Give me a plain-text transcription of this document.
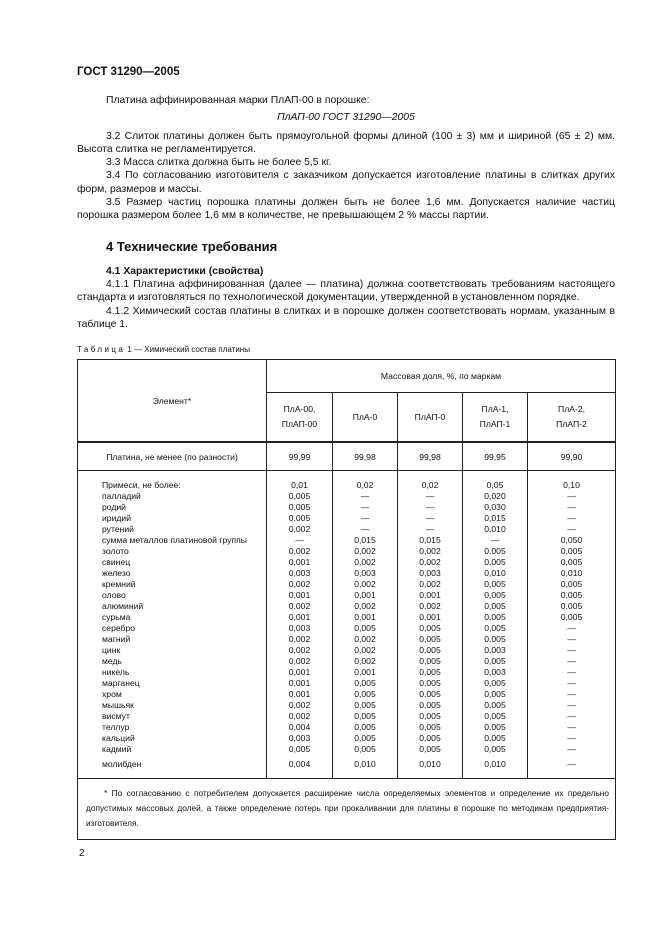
ГОСТ 31290—2005

Платина аффинированная марки ПлАП-00 в порошке:

ПлАП-00 ГОСТ 31290—2005

3.2 Слиток платины должен быть прямоугольной формы длиной (100 ± 3) мм и шириной (65 ± 2) мм. Высота слитка не регламентируется.

3.3 Масса слитка должна быть не более 5,5 кг.

3.4 По согласованию изготовителя с заказчиком допускается изготовление платины в слитках других форм, размеров и массы.

3.5 Размер частиц порошка платины должен быть не более 1,6 мм. Допускается наличие частиц порошка размером более 1,6 мм в количестве, не превышающем 2 % массы партии.

4 Технические требования
4.1 Характеристики (свойства)

4.1.1 Платина аффинированная (далее — платина) должна соответствовать требованиям настоящего стандарта и изготовляться по технологической документации, утвержденной в установленном порядке.

4.1.2 Химический состав платины в слитках и в порошке должен соответствовать нормам, указанным в таблице 1.

Таблица 1 — Химический состав платины
Элемент*	Массовая доля, %, по маркам				
	ПлА-00,
ПлАП-00	ПлА-0	ПлАП-0	ПлА-1,
ПлАП-1	ПлА-2,
ПлАП-2
Платина, не менее (по разности)	99,99	99,98	99,98	99,95	99,90
Примеси, не более:	0,01	0,02	0,02	0,05	0,10
палладий	0,005	—	—	0,020	—
родий	0,005	—	—	0,030	—
иридий	0,005	—	—	0,015	—
рутений	0,002	—	—	0,010	—
сумма металлов платиновой группы	—	0,015	0,015	—	0,050
золото	0,002	0,002	0,002	0,005	0,005
свинец	0,001	0,002	0,002	0,005	0,005
железо	0,003	0,003	0,003	0,010	0,010
кремний	0,002	0,002	0,002	0,005	0,005
олово	0,001	0,001	0,001	0,005	0,005
алюминий	0,002	0,002	0,002	0,005	0,005
сурьма	0,001	0,001	0,001	0,005	0,005
серебро	0,003	0,005	0,005	0,005	—
магний	0,002	0,002	0,005	0,005	—
цинк	0,002	0,002	0,005	0,003	—
медь	0,002	0,002	0,005	0,005	—
никель	0,001	0,001	0,005	0,003	—
марганец	0,001	0,005	0,005	0,005	—
хром	0,001	0,005	0,005	0,005	—
мышьяк	0,002	0,005	0,005	0,005	—
висмут	0,002	0,005	0,005	0,005	—
теллур	0,004	0,005	0,005	0,005	—
кальций	0,003	0,005	0,005	0,005	—
кадмий	0,005	0,005	0,005	0,005	—
молибден	0,004	0,010	0,010	0,010	—
* По согласованию с потребителем допускается расширение числа определяемых элементов и определение их предельно допустимых массовых долей, а также определение потерь при прокаливании для платины в порошке по методикам предприятия-изготовителя.					
2
